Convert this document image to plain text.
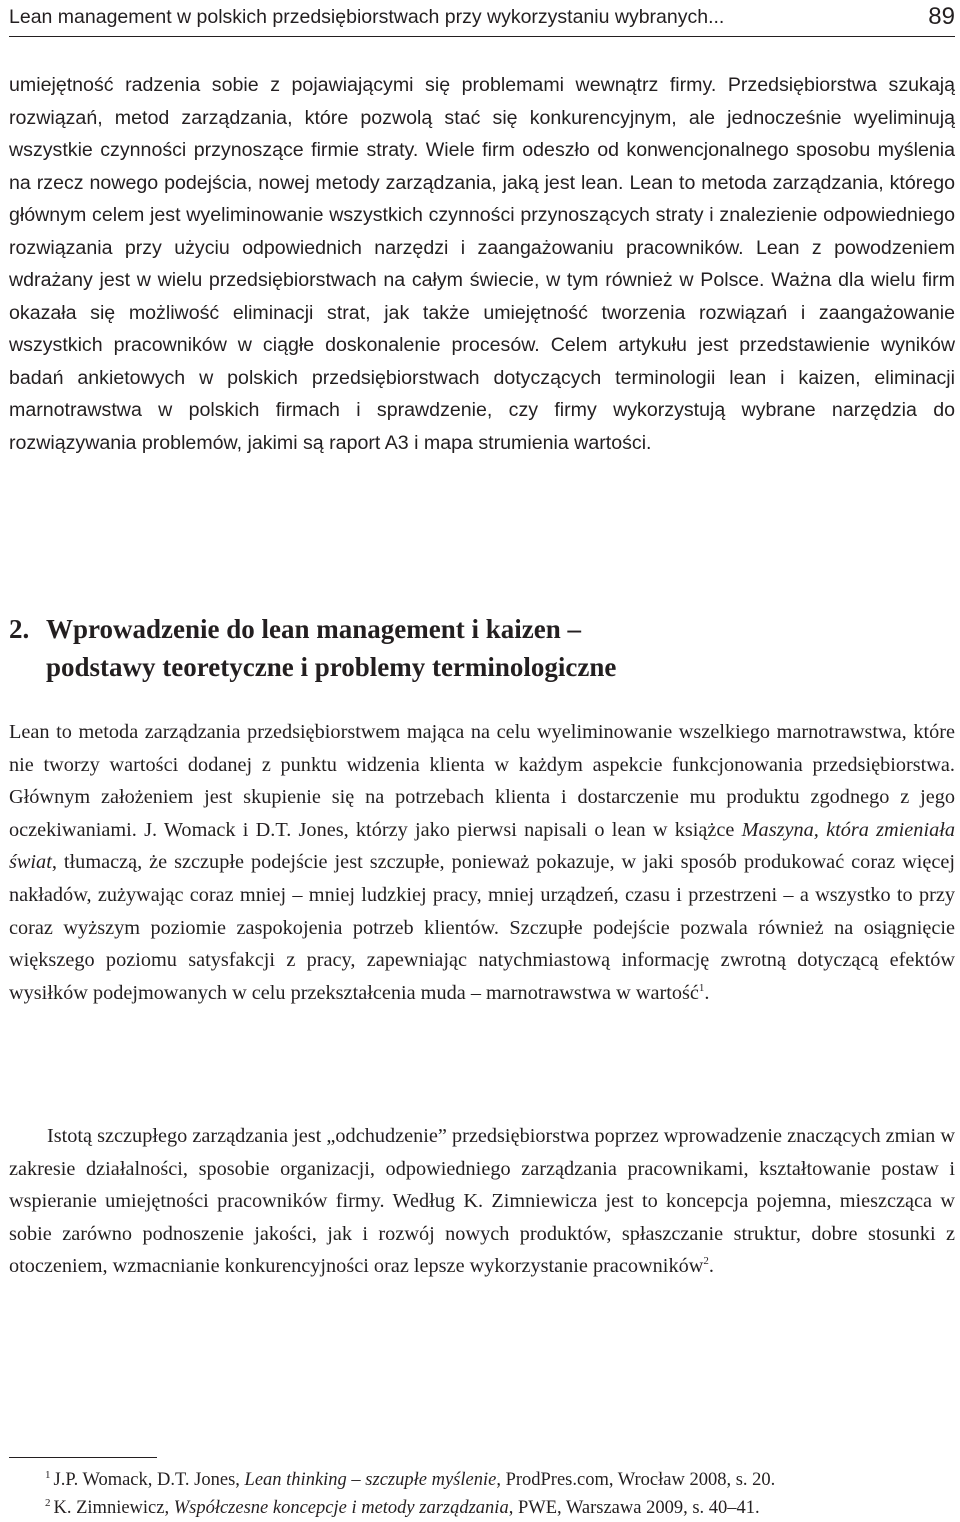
Lean management w polskich przedsiębiorstwach przy wykorzystaniu wybranych...	89

umiejętność radzenia sobie z pojawiającymi się problemami wewnątrz firmy. Przedsiębiorstwa szukają rozwiązań, metod zarządzania, które pozwolą stać się konkurencyjnym, ale jednocześnie wyeliminują wszystkie czynności przynoszące firmie straty. Wiele firm odeszło od konwencjonalnego sposobu myślenia na rzecz nowego podejścia, nowej metody zarządzania, jaką jest lean. Lean to metoda zarządzania, którego głównym celem jest wyeliminowanie wszystkich czynności przynoszących straty i znalezienie odpowiedniego rozwiązania przy użyciu odpowiednich narzędzi i zaangażowaniu pracowników. Lean z powodzeniem wdrażany jest w wielu przedsiębiorstwach na całym świecie, w tym również w Polsce. Ważna dla wielu firm okazała się możliwość eliminacji strat, jak także umiejętność tworzenia rozwiązań i zaangażowanie wszystkich pracowników w ciągłe doskonalenie procesów. Celem artykułu jest przedstawienie wyników badań ankietowych w polskich przedsiębiorstwach dotyczących terminologii lean i kaizen, eliminacji marnotrawstwa w polskich firmach i sprawdzenie, czy firmy wykorzystują wybrane narzędzia do rozwiązywania problemów, jakimi są raport A3 i mapa strumienia wartości.

2. Wprowadzenie do lean management i kaizen –
podstawy teoretyczne i problemy terminologiczne

Lean to metoda zarządzania przedsiębiorstwem mająca na celu wyeliminowanie wszelkiego marnotrawstwa, które nie tworzy wartości dodanej z punktu widzenia klienta w każdym aspekcie funkcjonowania przedsiębiorstwa. Głównym założeniem jest skupienie się na potrzebach klienta i dostarczenie mu produktu zgodnego z jego oczekiwaniami. J. Womack i D.T. Jones, którzy jako pierwsi napisali o lean w książce Maszyna, która zmieniała świat, tłumaczą, że szczupłe podejście jest szczupłe, ponieważ pokazuje, w jaki sposób produkować coraz więcej nakładów, zużywając coraz mniej – mniej ludzkiej pracy, mniej urządzeń, czasu i przestrzeni – a wszystko to przy coraz wyższym poziomie zaspokojenia potrzeb klientów. Szczupłe podejście pozwala również na osiągnięcie większego poziomu satysfakcji z pracy, zapewniając natychmiastową informację zwrotną dotyczącą efektów wysiłków podejmowanych w celu przekształcenia muda – marnotrawstwa w wartość$^1$.

Istotą szczupłego zarządzania jest „odchudzenie” przedsiębiorstwa poprzez wprowadzenie znaczących zmian w zakresie działalności, sposobie organizacji, odpowiedniego zarządzania pracownikami, kształtowanie postaw i wspieranie umiejętności pracowników firmy. Według K. Zimniewicza jest to koncepcja pojemna, mieszcząca w sobie zarówno podnoszenie jakości, jak i rozwój nowych produktów, spłaszczanie struktur, dobre stosunki z otoczeniem, wzmacnianie konkurencyjności oraz lepsze wykorzystanie pracowników$^2$.

$^1$ J.P. Womack, D.T. Jones, Lean thinking – szczupłe myślenie, ProdPres.com, Wrocław 2008, s. 20.
$^2$ K. Zimniewicz, Współczesne koncepcje i metody zarządzania, PWE, Warszawa 2009, s. 40–41.
